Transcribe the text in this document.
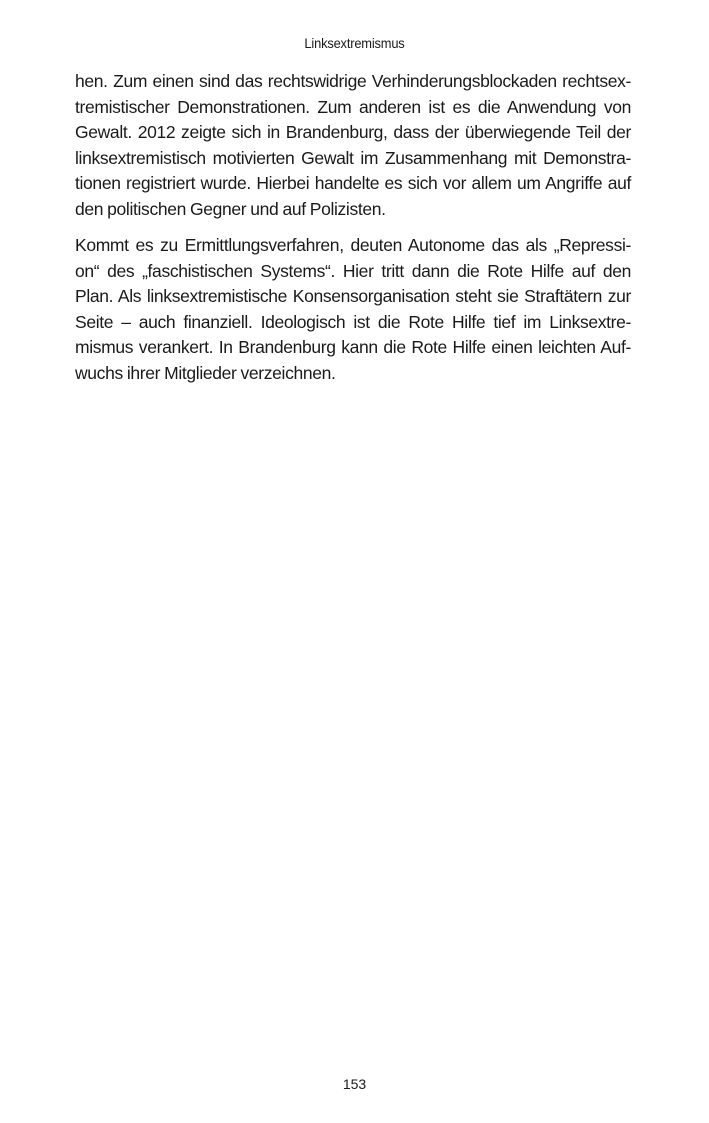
Linksextremismus

hen. Zum einen sind das rechtswidrige Verhinderungsblockaden rechtsex-
tremistischer Demonstrationen. Zum anderen ist es die Anwendung von
Gewalt. 2012 zeigte sich in Brandenburg, dass der überwiegende Teil der
linksextremistisch motivierten Gewalt im Zusammenhang mit Demonstra-
tionen registriert wurde. Hierbei handelte es sich vor allem um Angriffe auf
den politischen Gegner und auf Polizisten.

Kommt es zu Ermittlungsverfahren, deuten Autonome das als „Repressi-
on“ des „faschistischen Systems“. Hier tritt dann die Rote Hilfe auf den
Plan. Als linksextremistische Konsensorganisation steht sie Straftätern zur
Seite – auch finanziell. Ideologisch ist die Rote Hilfe tief im Linksextre-
mismus verankert. In Brandenburg kann die Rote Hilfe einen leichten Auf-
wuchs ihrer Mitglieder verzeichnen.

153
